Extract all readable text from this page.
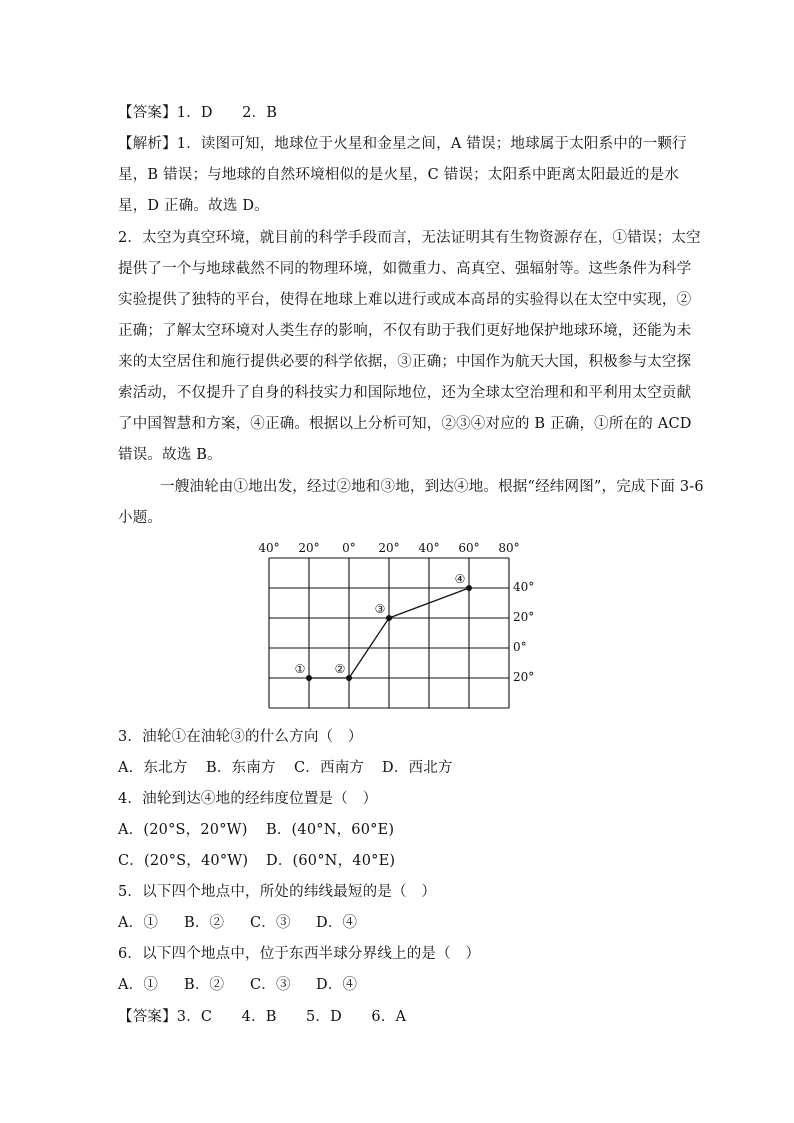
【答案】1．D　　2．B
【解析】1．读图可知，地球位于火星和金星之间，A 错误；地球属于太阳系中的一颗行
星，B 错误；与地球的自然环境相似的是火星，C 错误；太阳系中距离太阳最近的是水
星，D 正确。故选 D。
2．太空为真空环境，就目前的科学手段而言，无法证明其有生物资源存在，①错误；太空
提供了一个与地球截然不同的物理环境，如微重力、高真空、强辐射等。这些条件为科学
实验提供了独特的平台，使得在地球上难以进行或成本高昂的实验得以在太空中实现，②
正确；了解太空环境对人类生存的影响，不仅有助于我们更好地保护地球环境，还能为未
来的太空居住和施行提供必要的科学依据，③正确；中国作为航天大国，积极参与太空探
索活动，不仅提升了自身的科技实力和国际地位，还为全球太空治理和和平利用太空贡献
了中国智慧和方案，④正确。根据以上分析可知，②③④对应的 B 正确，①所在的 ACD
错误。故选 B。
一艘油轮由①地出发，经过②地和③地，到达④地。根据“经纬网图”，完成下面 3-6
小题。
40° 20° 0° 20° 40° 60° 80°
40°
20°
0°
20°
① ②
③
④
3．油轮①在油轮③的什么方向（　）
A．东北方 B．东南方 C．西南方 D．西北方
4．油轮到达④地的经纬度位置是（　）
A．(20°S，20°W) B．(40°N，60°E)
C．(20°S，40°W) D．(60°N，40°E)
5．以下四个地点中，所处的纬线最短的是（　）
A．① B．② C．③ D．④
6．以下四个地点中，位于东西半球分界线上的是（　）
A．① B．② C．③ D．④
【答案】3．C　　4．B　　5．D　　6．A
